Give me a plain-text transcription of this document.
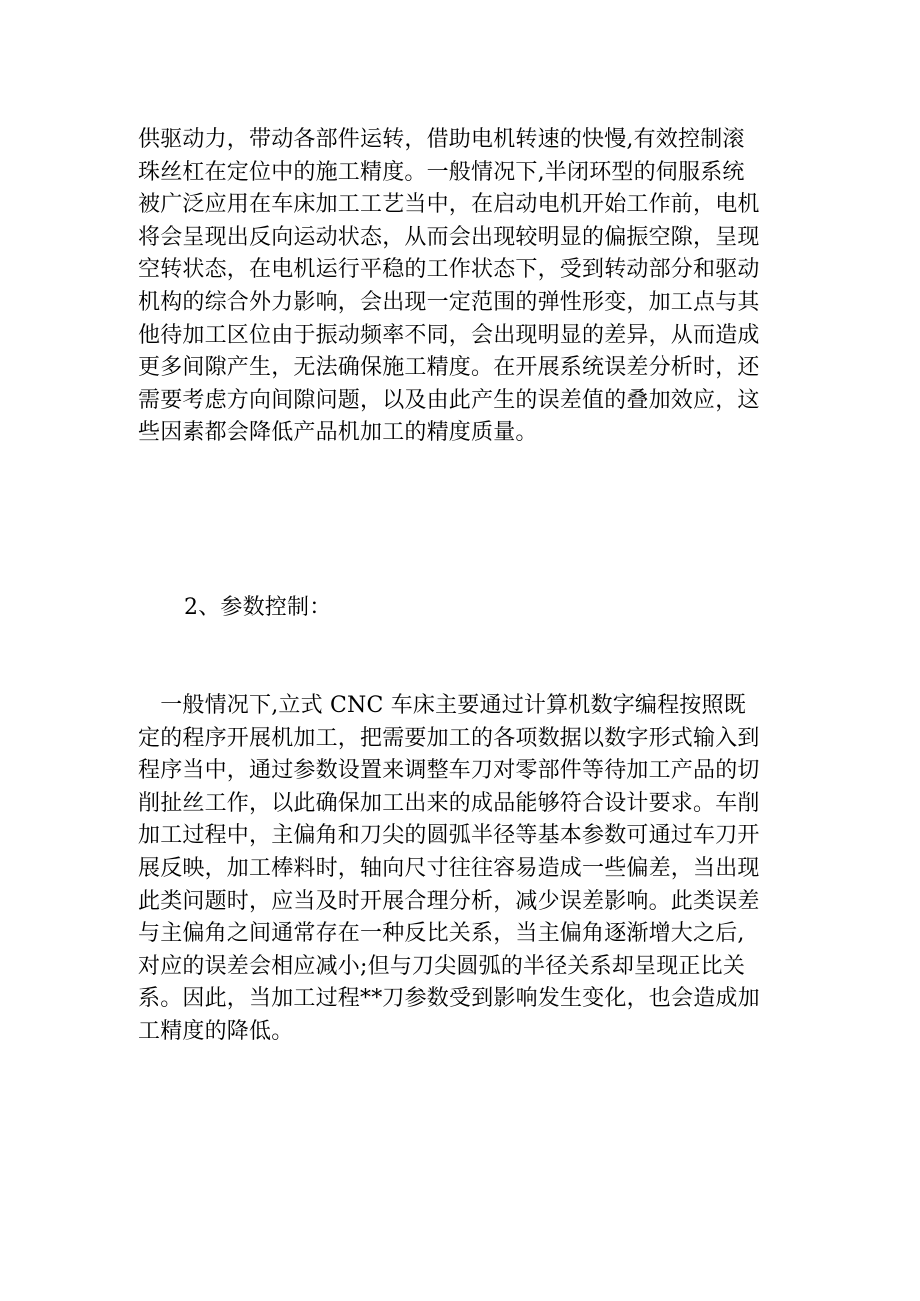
供驱动力，带动各部件运转，借助电机转速的快慢,有效控制滚
珠丝杠在定位中的施工精度。一般情况下,半闭环型的伺服系统
被广泛应用在车床加工工艺当中，在启动电机开始工作前，电机
将会呈现出反向运动状态，从而会出现较明显的偏振空隙，呈现
空转状态，在电机运行平稳的工作状态下，受到转动部分和驱动
机构的综合外力影响，会出现一定范围的弹性形变，加工点与其
他待加工区位由于振动频率不同，会出现明显的差异，从而造成
更多间隙产生，无法确保施工精度。在开展系统误差分析时，还
需要考虑方向间隙问题，以及由此产生的误差值的叠加效应，这
些因素都会降低产品机加工的精度质量。
2、参数控制：
　一般情况下,立式 CNC 车床主要通过计算机数字编程按照既
定的程序开展机加工，把需要加工的各项数据以数字形式输入到
程序当中，通过参数设置来调整车刀对零部件等待加工产品的切
削扯丝工作，以此确保加工出来的成品能够符合设计要求。车削
加工过程中，主偏角和刀尖的圆弧半径等基本参数可通过车刀开
展反映，加工棒料时，轴向尺寸往往容易造成一些偏差，当出现
此类问题时，应当及时开展合理分析，减少误差影响。此类误差
与主偏角之间通常存在一种反比关系，当主偏角逐渐增大之后,
对应的误差会相应减小;但与刀尖圆弧的半径关系却呈现正比关
系。因此，当加工过程**刀参数受到影响发生变化，也会造成加
工精度的降低。
